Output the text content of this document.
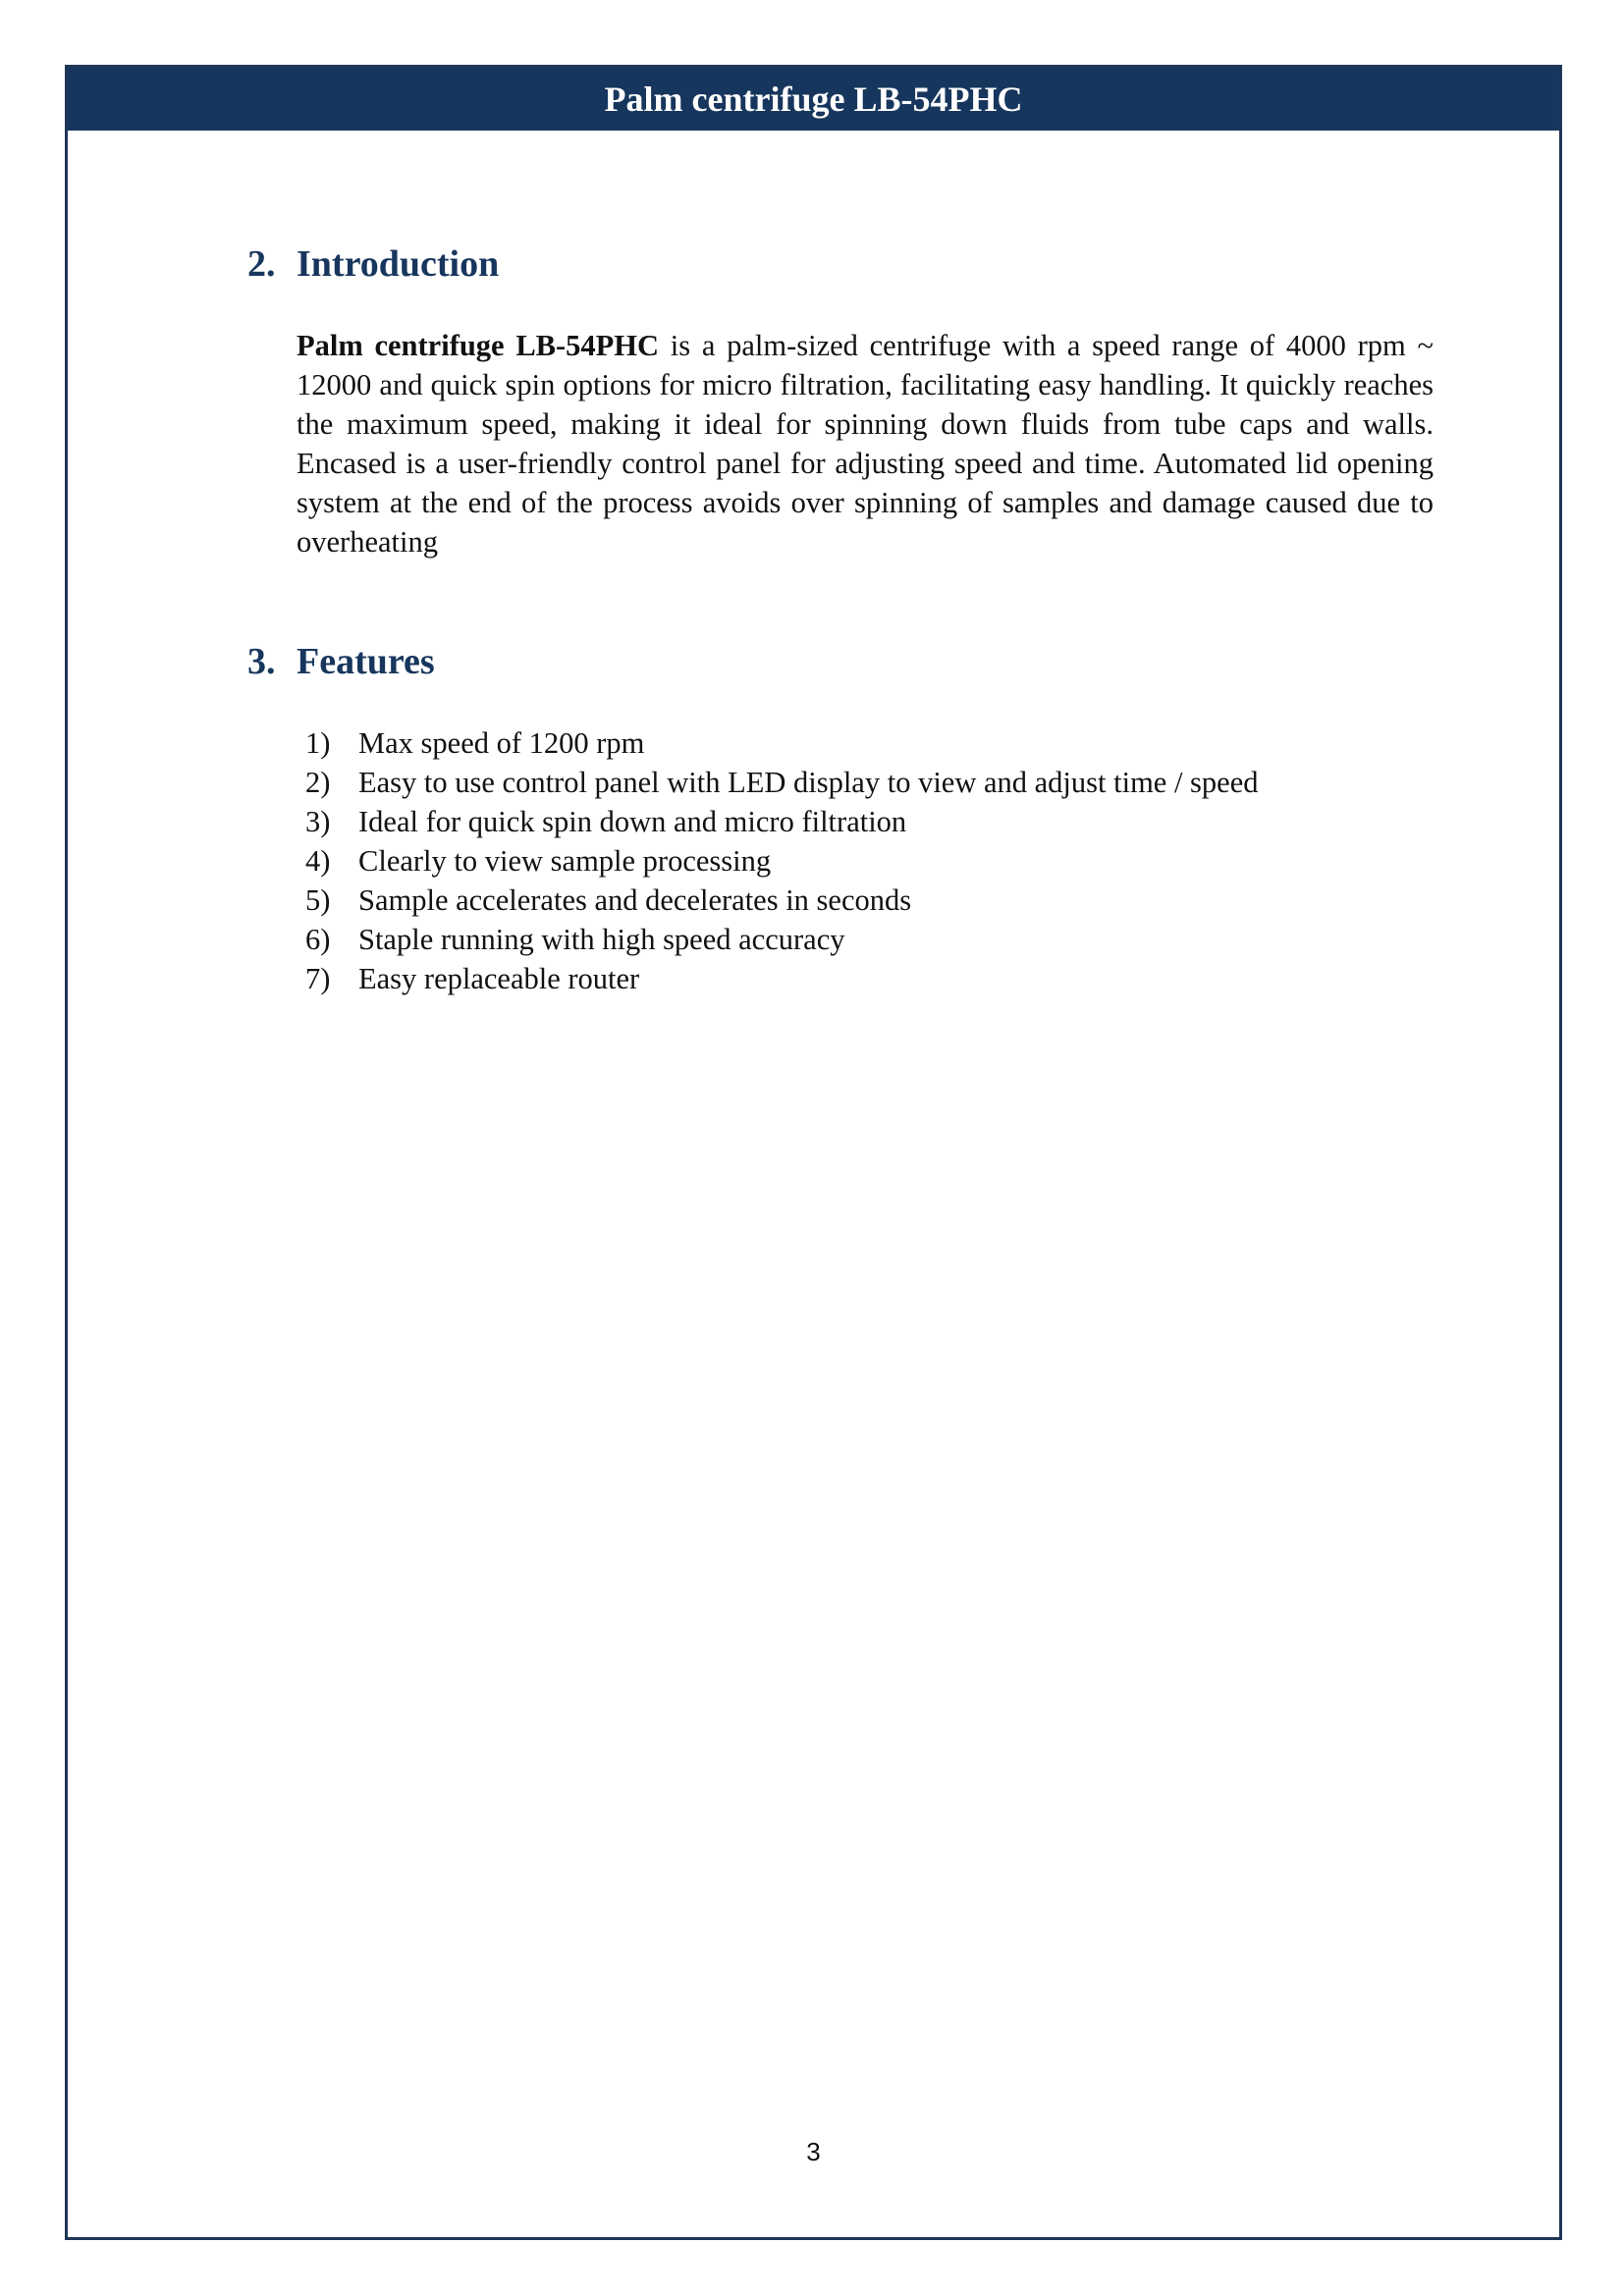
Palm centrifuge LB-54PHC
2. Introduction

Palm centrifuge LB-54PHC is a palm-sized centrifuge with a speed range of 4000 rpm ~ 12000 and quick spin options for micro filtration, facilitating easy handling. It quickly reaches the maximum speed, making it ideal for spinning down fluids from tube caps and walls. Encased is a user-friendly control panel for adjusting speed and time. Automated lid opening system at the end of the process avoids over spinning of samples and damage caused due to overheating

3. Features
1) Max speed of 1200 rpm
2) Easy to use control panel with LED display to view and adjust time / speed
3) Ideal for quick spin down and micro filtration
4) Clearly to view sample processing
5) Sample accelerates and decelerates in seconds
6) Staple running with high speed accuracy
7) Easy replaceable router
3
